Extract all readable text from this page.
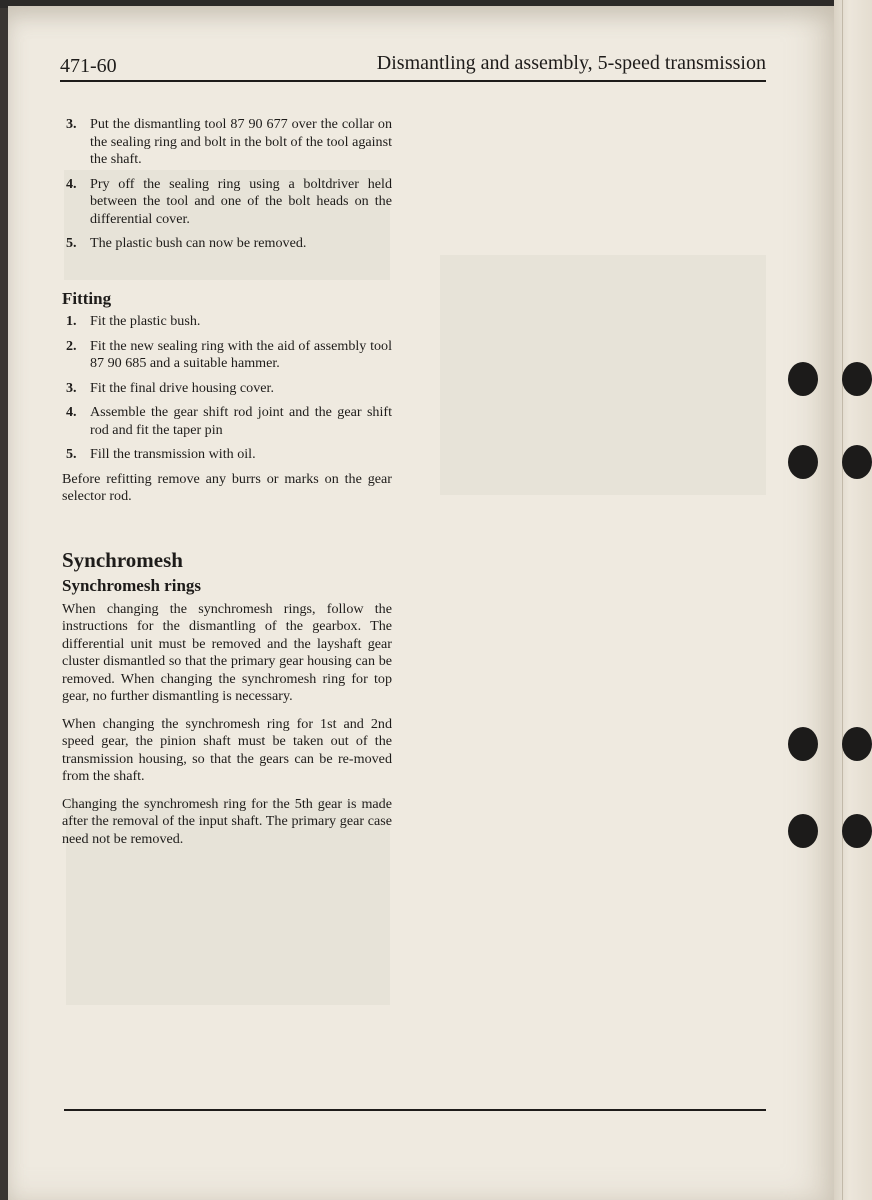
471-60	Dismantling and assembly, 5-speed transmission
3. Put the dismantling tool 87 90 677 over the collar on the sealing ring and bolt in the bolt of the tool against the shaft.
4. Pry off the sealing ring using a boltdriver held between the tool and one of the bolt heads on the differential cover.
5. The plastic bush can now be removed.
Fitting
1. Fit the plastic bush.
2. Fit the new sealing ring with the aid of assembly tool 87 90 685 and a suitable hammer.
3. Fit the final drive housing cover.
4. Assemble the gear shift rod joint and the gear shift rod and fit the taper pin
5. Fill the transmission with oil.

Before refitting remove any burrs or marks on the gear selector rod.

Synchromesh
Synchromesh rings

When changing the synchromesh rings, follow the instructions for the dismantling of the gearbox. The differential unit must be removed and the layshaft gear cluster dismantled so that the primary gear housing can be removed. When changing the synchromesh ring for top gear, no further dismantling is necessary.

When changing the synchromesh ring for 1st and 2nd speed gear, the pinion shaft must be taken out of the transmission housing, so that the gears can be re-moved from the shaft.

Changing the synchromesh ring for the 5th gear is made after the removal of the input shaft. The primary gear case need not be removed.
